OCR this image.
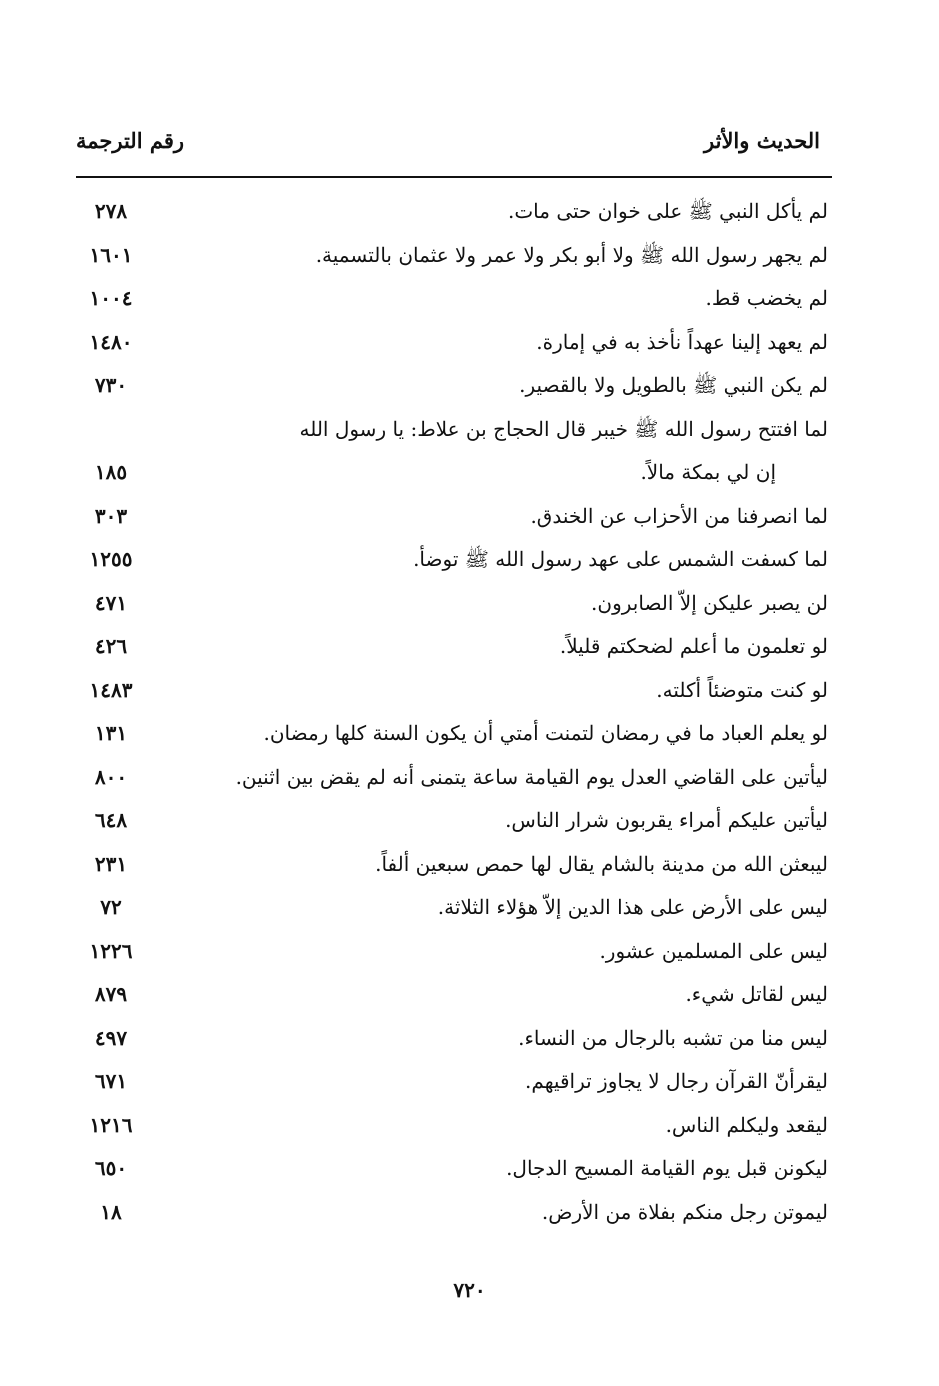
الحديث والأثر
رقم الترجمة
لم يأكل النبي ﷺ على خوان حتى مات.
٢٧٨
لم يجهر رسول الله ﷺ ولا أبو بكر ولا عمر ولا عثمان بالتسمية.
١٦٠١
لم يخضب قط.
١٠٠٤
لم يعهد إلينا عهداً نأخذ به في إمارة.
١٤٨٠
لم يكن النبي ﷺ بالطويل ولا بالقصير.
٧٣٠
لما افتتح رسول الله ﷺ خيبر قال الحجاج بن علاط: يا رسول الله
إن لي بمكة مالاً.
١٨٥
لما انصرفنا من الأحزاب عن الخندق.
٣٠٣
لما كسفت الشمس على عهد رسول الله ﷺ توضأ.
١٢٥٥
لن يصبر عليكن إلاّ الصابرون.
٤٧١
لو تعلمون ما أعلم لضحكتم قليلاً.
٤٢٦
لو كنت متوضئاً أكلته.
١٤٨٣
لو يعلم العباد ما في رمضان لتمنت أمتي أن يكون السنة كلها رمضان.
١٣١
ليأتين على القاضي العدل يوم القيامة ساعة يتمنى أنه لم يقض بين اثنين.
٨٠٠
ليأتين عليكم أمراء يقربون شرار الناس.
٦٤٨
ليبعثن الله من مدينة بالشام يقال لها حمص سبعين ألفاً.
٢٣١
ليس على الأرض على هذا الدين إلاّ هؤلاء الثلاثة.
٧٢
ليس على المسلمين عشور.
١٢٢٦
ليس لقاتل شيء.
٨٧٩
ليس منا من تشبه بالرجال من النساء.
٤٩٧
ليقرأنّ القرآن رجال لا يجاوز تراقيهم.
٦٧١
ليقعد وليكلم الناس.
١٢١٦
ليكونن قبل يوم القيامة المسيح الدجال.
٦٥٠
ليموتن رجل منكم بفلاة من الأرض.
١٨
٧٢٠
